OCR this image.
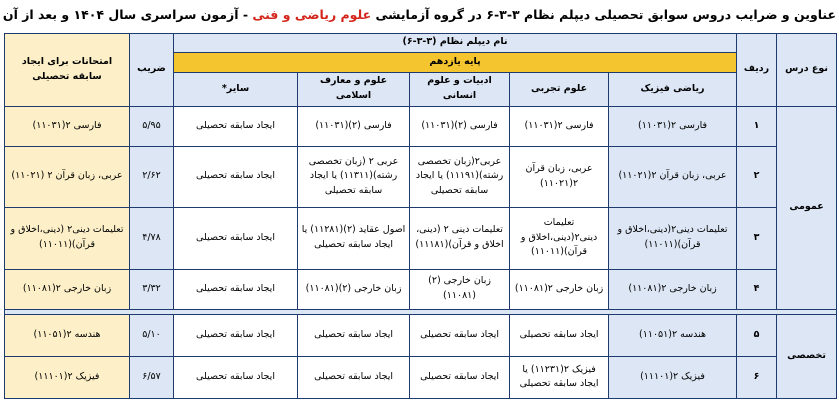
عناوین و ضرایب دروس سوابق تحصیلی دیپلم نظام ۳-۳-۶ در گروه آزمایشی علوم ریاضی و فنی - آزمون سراسری سال ۱۴۰۴ و بعد از آن
نوع درس	ردیف	نام دیپلم نظام (۳-۳-۶)					ضریب	امتحانات برای ایجاد سابقه تحصیلی
		پایه یازدهم						
		ریاضی فیزیک	علوم تجربی	ادبیات و علوم انسانی	علوم و معارف اسلامی	سایر*		
عمومی	۱	فارسی ۲(۱۱۰۳۱)	فارسی ۲(۱۱۰۳۱)	فارسی (۲)(۱۱۰۳۱)	فارسی (۲)(۱۱۰۳۱)	ایجاد سابقه تحصیلی	۵/۹۵	فارسی ۲(۱۱۰۳۱)
	۲	عربی، زبان قرآن ۲(۱۱۰۲۱)	عربی، زبان قرآن ۲(۱۱۰۲۱)	عربی۲(زبان تخصصی رشته)(۱۱۱۹۱) یا ایجاد سابقه تحصیلی	عربی ۲ (زبان تخصصی رشته)(۱۱۳۱۱) یا ایجاد سابقه تحصیلی	ایجاد سابقه تحصیلی	۲/۶۲	عربی، زبان قرآن ۲ (۱۱۰۲۱)
	۳	تعلیمات دینی۲(دینی،اخلاق و قرآن)(۱۱۰۱۱)	تعلیمات دینی۲(دینی،اخلاق و قرآن)(۱۱۰۱۱)	تعلیمات دینی ۲ (دینی، اخلاق و قرآن)(۱۱۱۸۱)	اصول عقاید (۲)(۱۱۲۸۱) یا ایجاد سابقه تحصیلی	ایجاد سابقه تحصیلی	۴/۷۸	تعلیمات دینی۲ (دینی،اخلاق و قرآن)(۱۱۰۱۱)
	۴	زبان خارجی ۲(۱۱۰۸۱)	زبان خارجی ۲(۱۱۰۸۱)	زبان خارجی (۲)(۱۱۰۸۱)	زبان خارجی (۲)(۱۱۰۸۱)	ایجاد سابقه تحصیلی	۳/۳۲	زبان خارجی ۲(۱۱۰۸۱)

تخصصی	۵	هندسه ۲(۱۱۰۵۱)	ایجاد سابقه تحصیلی	ایجاد سابقه تحصیلی	ایجاد سابقه تحصیلی	ایجاد سابقه تحصیلی	۵/۱۰	هندسه ۲(۱۱۰۵۱)
	۶	فیزیک ۲(۱۱۱۰۱)	فیزیک ۲(۱۱۲۳۱) یا ایجاد سابقه تحصیلی	ایجاد سابقه تحصیلی	ایجاد سابقه تحصیلی	ایجاد سابقه تحصیلی	۶/۵۷	فیزیک ۲(۱۱۱۰۱)
